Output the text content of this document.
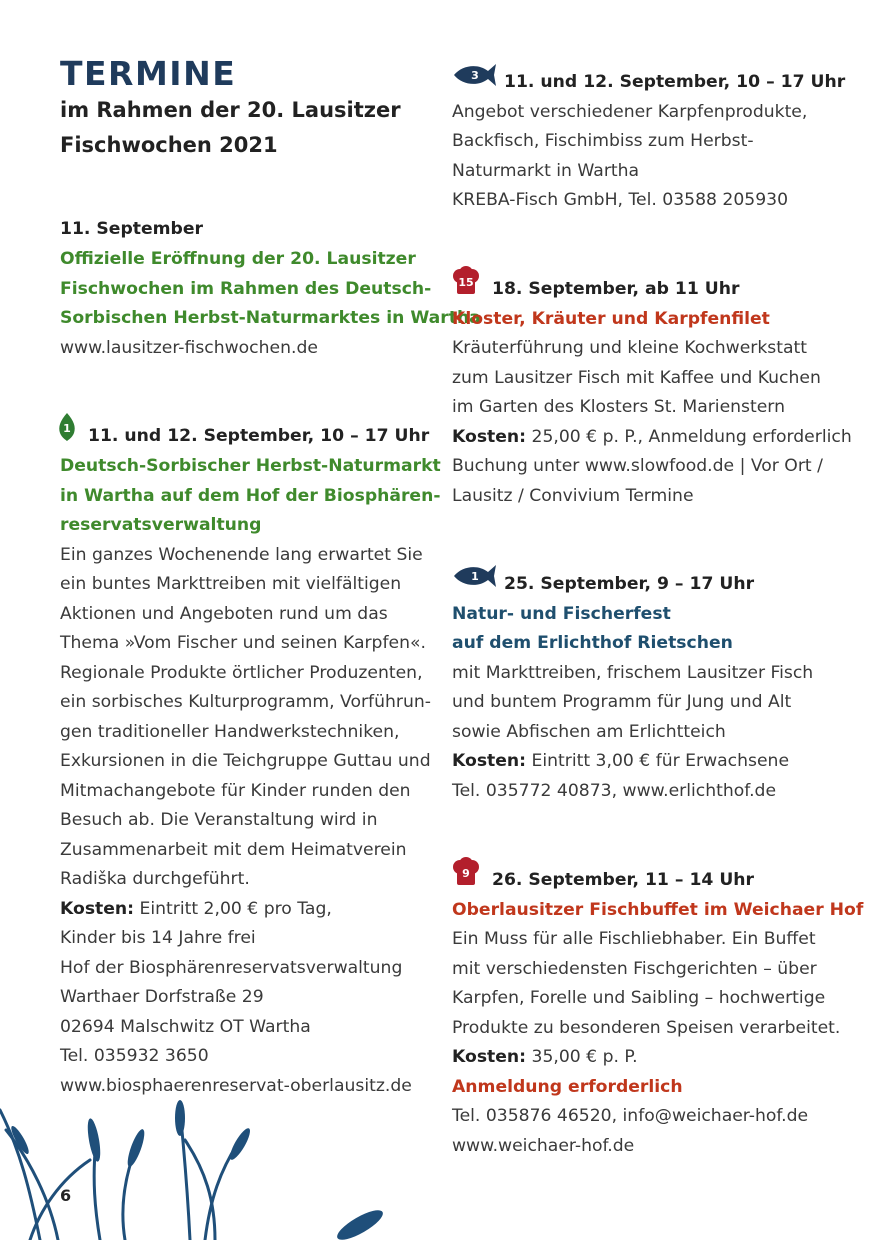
TERMINE
im Rahmen der 20. Lausitzer
Fischwochen 2021
11. September
Offizielle Eröffnung der 20. Lausitzer
Fischwochen im Rahmen des Deutsch-
Sorbischen Herbst-Naturmarktes in Wartha
www.lausitzer-fischwochen.de
1 11. und 12. September, 10 – 17 Uhr
Deutsch-Sorbischer Herbst-Naturmarkt
in Wartha auf dem Hof der Biosphären-
reservatsverwaltung
Ein ganzes Wochenende lang erwartet Sie
ein buntes Markttreiben mit vielfältigen
Aktionen und Angeboten rund um das
Thema »Vom Fischer und seinen Karpfen«.
Regionale Produkte örtlicher Produzenten,
ein sorbisches Kulturprogramm, Vorführun-
gen traditioneller Handwerkstechniken,
Exkursionen in die Teichgruppe Guttau und
Mitmachangebote für Kinder runden den
Besuch ab. Die Veranstaltung wird in
Zusammenarbeit mit dem Heimatverein
Radiška durchgeführt.
Kosten: Eintritt 2,00 € pro Tag,
Kinder bis 14 Jahre frei
Hof der Biosphärenreservatsverwaltung
Warthaer Dorfstraße 29
02694 Malschwitz OT Wartha
Tel. 035932 3650
www.biosphaerenreservat-oberlausitz.de
3	11. und 12. September, 10 – 17 Uhr
Angebot verschiedener Karpfenprodukte,
Backfisch, Fischimbiss zum Herbst-
Naturmarkt in Wartha
KREBA-Fisch GmbH, Tel. 03588 205930
15	18. September, ab 11 Uhr
Kloster, Kräuter und Karpfenfilet
Kräuterführung und kleine Kochwerkstatt
zum Lausitzer Fisch mit Kaffee und Kuchen
im Garten des Klosters St. Marienstern
Kosten: 25,00 € p. P., Anmeldung erforderlich
Buchung unter www.slowfood.de | Vor Ort /
Lausitz / Convivium Termine
1	25. September, 9 – 17 Uhr
Natur- und Fischerfest
auf dem Erlichthof Rietschen
mit Markttreiben, frischem Lausitzer Fisch
und buntem Programm für Jung und Alt
sowie Abfischen am Erlichtteich
Kosten: Eintritt 3,00 € für Erwachsene
Tel. 035772 40873, www.erlichthof.de
9	26. September, 11 – 14 Uhr
Oberlausitzer Fischbuffet im Weichaer Hof
Ein Muss für alle Fischliebhaber. Ein Buffet
mit verschiedensten Fischgerichten – über
Karpfen, Forelle und Saibling – hochwertige
Produkte zu besonderen Speisen verarbeitet.
Kosten: 35,00 € p. P.
Anmeldung erforderlich
Tel. 035876 46520, info@weichaer-hof.de
www.weichaer-hof.de
6
